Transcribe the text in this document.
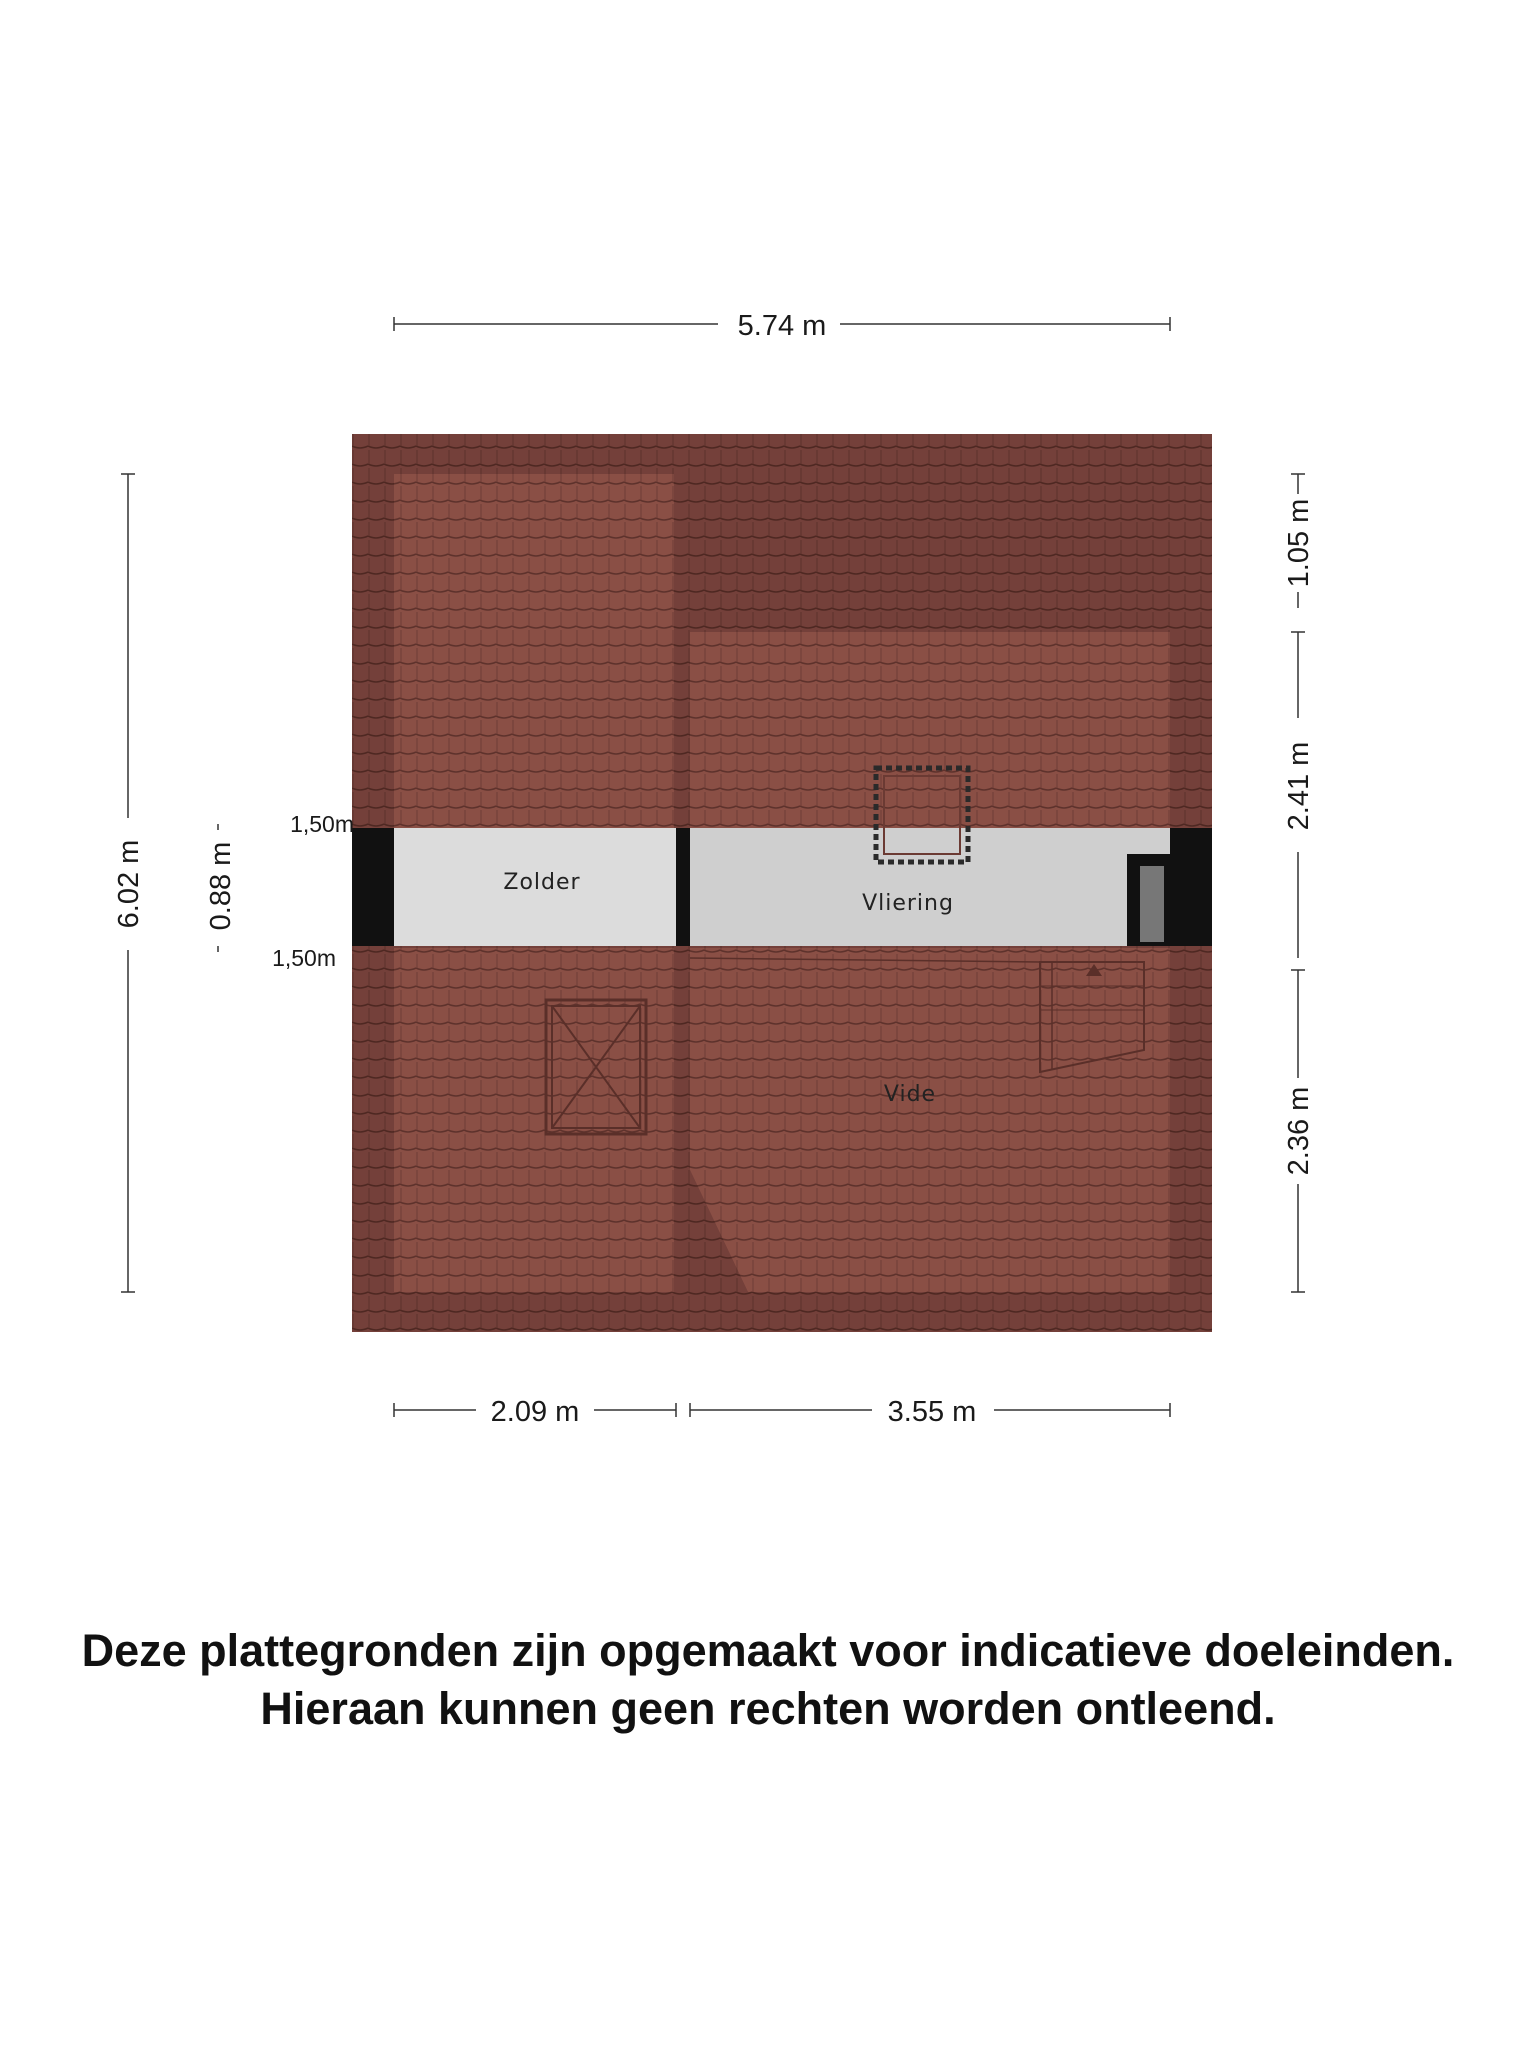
Zolder
Vliering
Vide
5.74 m
6.02 m 0.88 m
1,50m
1,50m
1.05 m
2.41 m
2.36 m
2.09 m	3.55 m
Deze plattegronden zijn opgemaakt voor indicatieve doeleinden.
Hieraan kunnen geen rechten worden ontleend.
